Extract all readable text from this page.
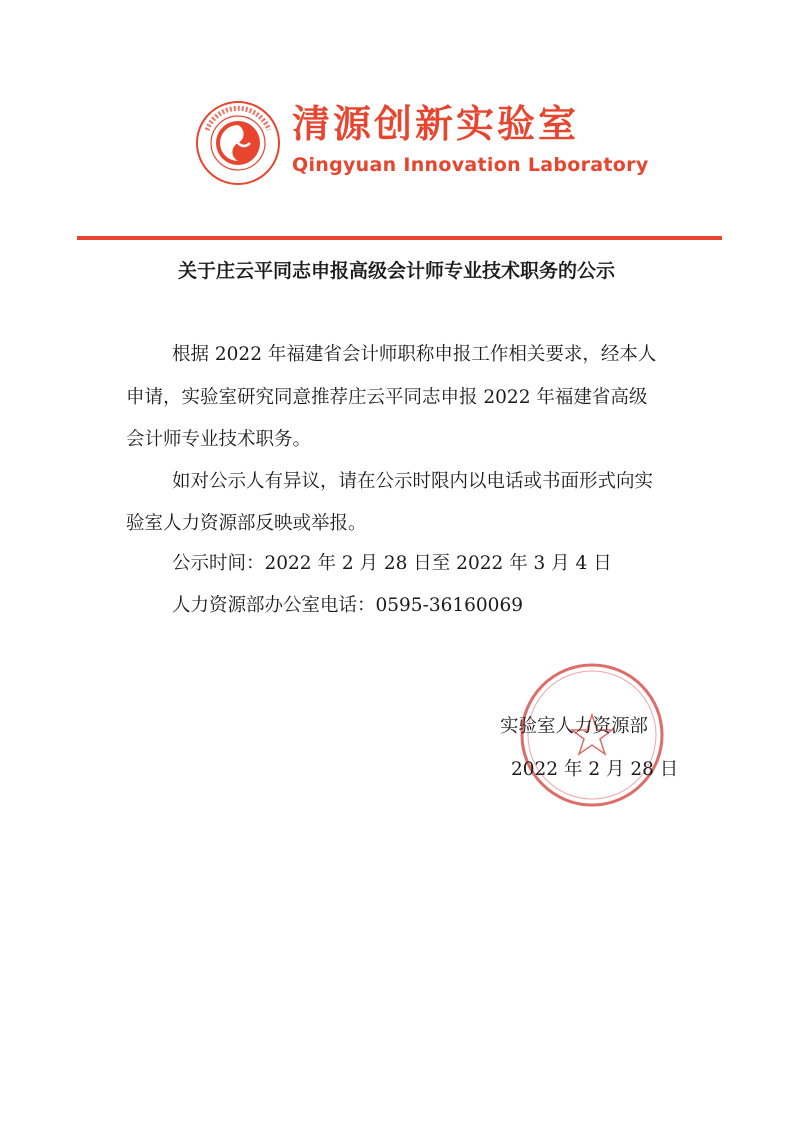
清源创新实验室
Qingyuan Innovation Laboratory
关于庄云平同志申报高级会计师专业技术职务的公示
根据 2022 年福建省会计师职称申报工作相关要求，经本人
申请，实验室研究同意推荐庄云平同志申报 2022 年福建省高级
会计师专业技术职务。
如对公示人有异议，请在公示时限内以电话或书面形式向实
验室人力资源部反映或举报。
公示时间：2022 年 2 月 28 日至 2022 年 3 月 4 日
人力资源部办公室电话：0595-36160069
实验室人力资源部
2022 年 2 月 28 日
